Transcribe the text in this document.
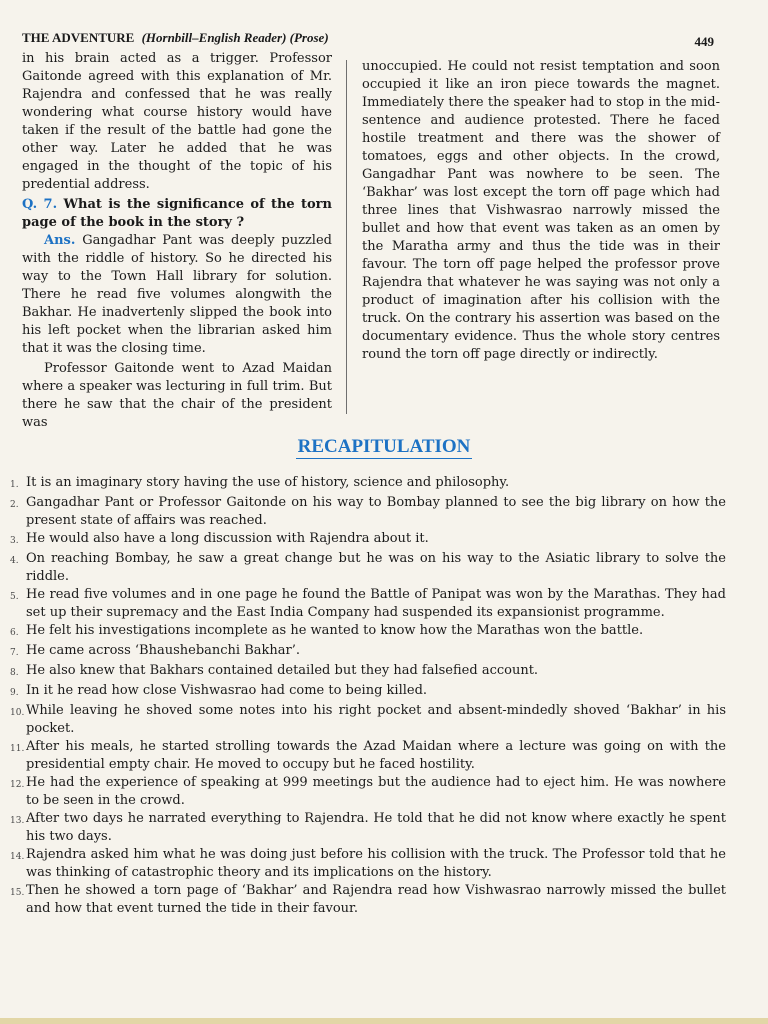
THE ADVENTURE (Hornbill–English Reader) (Prose)	449

in his brain acted as a trigger. Professor Gaitonde agreed with this explanation of Mr. Rajendra and confessed that he was really wondering what course history would have taken if the result of the battle had gone the other way. Later he added that he was engaged in the thought of the topic of his predential address.

Q. 7. What is the significance of the torn page of the book in the story ?

Ans. Gangadhar Pant was deeply puzzled with the riddle of history. So he directed his way to the Town Hall library for solution. There he read five volumes alongwith the Bakhar. He inadvertenly slipped the book into his left pocket when the librarian asked him that it was the closing time.

Professor Gaitonde went to Azad Maidan where a speaker was lecturing in full trim. But there he saw that the chair of the president was

unoccupied. He could not resist temptation and soon occupied it like an iron piece towards the magnet. Immediately there the speaker had to stop in the mid-sentence and audience protested. There he faced hostile treatment and there was the shower of tomatoes, eggs and other objects. In the crowd, Gangadhar Pant was nowhere to be seen. The ‘Bakhar’ was lost except the torn off page which had three lines that Vishwasrao narrowly missed the bullet and how that event was taken as an omen by the Maratha army and thus the tide was in their favour. The torn off page helped the professor prove Rajendra that whatever he was saying was not only a product of imagination after his collision with the truck. On the contrary his assertion was based on the documentary evidence. Thus the whole story centres round the torn off page directly or indirectly.

RECAPITULATION
1. It is an imaginary story having the use of history, science and philosophy.
2. Gangadhar Pant or Professor Gaitonde on his way to Bombay planned to see the big library on how the present state of affairs was reached.
3. He would also have a long discussion with Rajendra about it.
4. On reaching Bombay, he saw a great change but he was on his way to the Asiatic library to solve the riddle.
5. He read five volumes and in one page he found the Battle of Panipat was won by the Marathas. They had set up their supremacy and the East India Company had suspended its expansionist programme.
6. He felt his investigations incomplete as he wanted to know how the Marathas won the battle.
7. He came across ‘Bhaushebanchi Bakhar’.
8. He also knew that Bakhars contained detailed but they had falsefied account.
9. In it he read how close Vishwasrao had come to being killed.
10. While leaving he shoved some notes into his right pocket and absent-mindedly shoved ‘Bakhar’ in his pocket.
11. After his meals, he started strolling towards the Azad Maidan where a lecture was going on with the presidential empty chair. He moved to occupy but he faced hostility.
12. He had the experience of speaking at 999 meetings but the audience had to eject him. He was nowhere to be seen in the crowd.
13. After two days he narrated everything to Rajendra. He told that he did not know where exactly he spent his two days.
14. Rajendra asked him what he was doing just before his collision with the truck. The Professor told that he was thinking of catastrophic theory and its implications on the history.
15. Then he showed a torn page of ‘Bakhar’ and Rajendra read how Vishwasrao narrowly missed the bullet and how that event turned the tide in their favour.
